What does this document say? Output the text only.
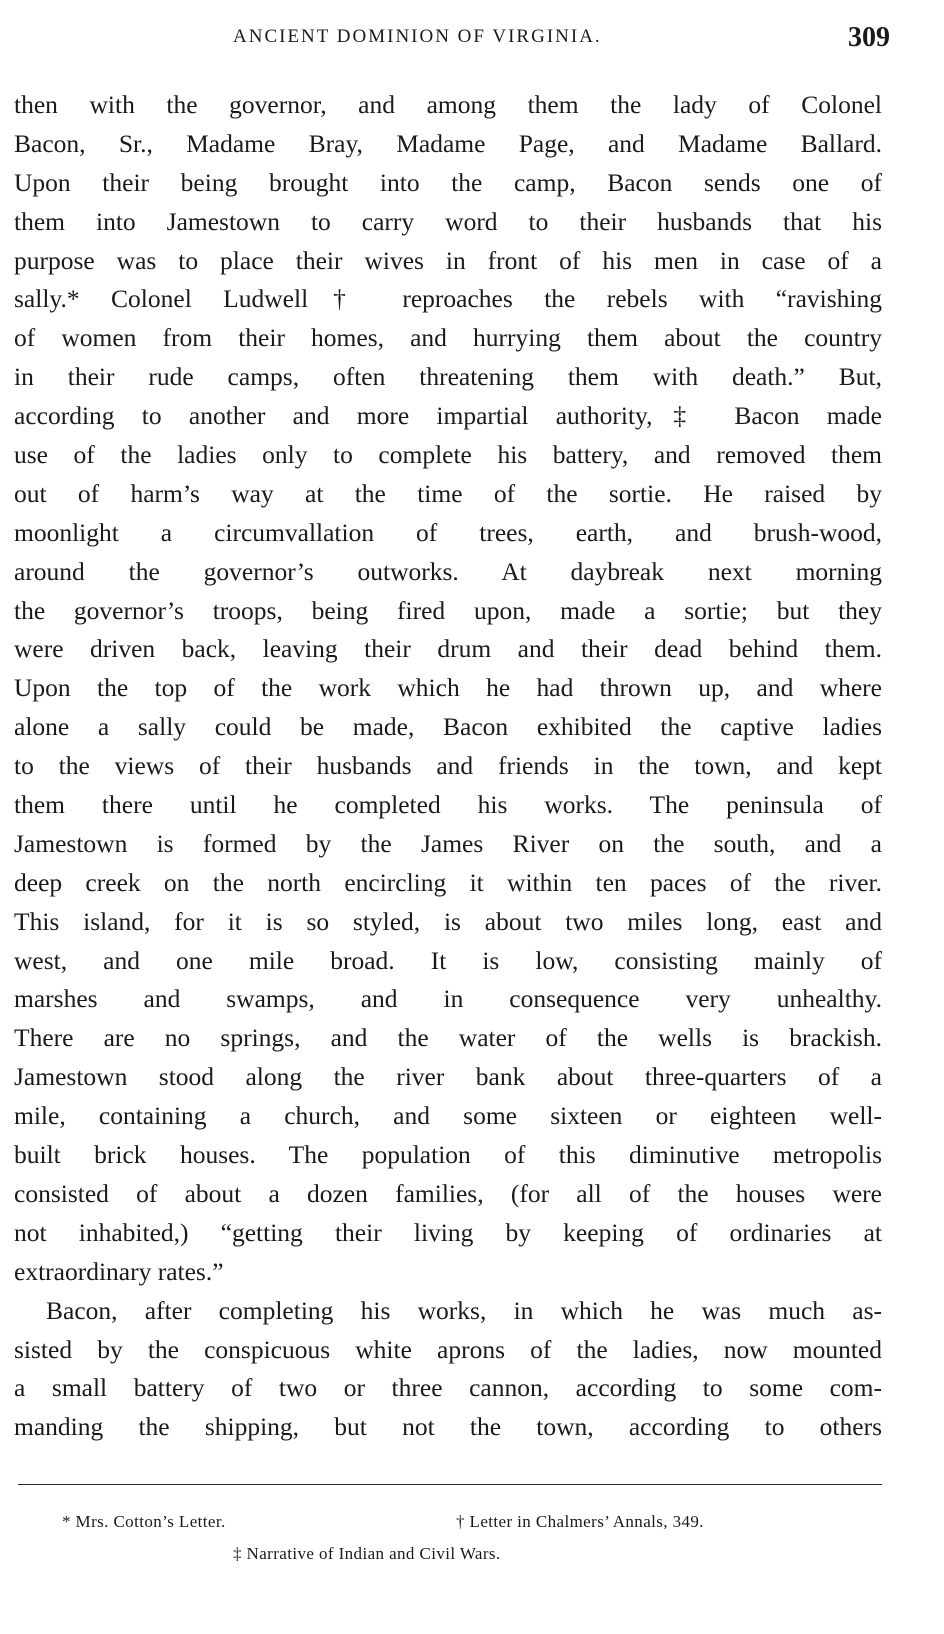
ANCIENT DOMINION OF VIRGINIA.	309
then with the governor, and among them the lady of Colonel
Bacon, Sr., Madame Bray, Madame Page, and Madame Ballard.
Upon their being brought into the camp, Bacon sends one of
them into Jamestown to carry word to their husbands that his
purpose was to place their wives in front of his men in case of a
sally.* Colonel Ludwell† reproaches the rebels with “ravishing
of women from their homes, and hurrying them about the country
in their rude camps, often threatening them with death.” But,
according to another and more impartial authority,‡ Bacon made
use of the ladies only to complete his battery, and removed them
out of harm’s way at the time of the sortie. He raised by
moonlight a circumvallation of trees, earth, and brush-wood,
around the governor’s outworks. At daybreak next morning
the governor’s troops, being fired upon, made a sortie; but they
were driven back, leaving their drum and their dead behind them.
Upon the top of the work which he had thrown up, and where
alone a sally could be made, Bacon exhibited the captive ladies
to the views of their husbands and friends in the town, and kept
them there until he completed his works. The peninsula of
Jamestown is formed by the James River on the south, and a
deep creek on the north encircling it within ten paces of the river.
This island, for it is so styled, is about two miles long, east and
west, and one mile broad. It is low, consisting mainly of
marshes and swamps, and in consequence very unhealthy.
There are no springs, and the water of the wells is brackish.
Jamestown stood along the river bank about three-quarters of a
mile, containing a church, and some sixteen or eighteen well-
built brick houses. The population of this diminutive metropolis
consisted of about a dozen families, (for all of the houses were
not inhabited,) “getting their living by keeping of ordinaries at
extraordinary rates.”
Bacon, after completing his works, in which he was much as-
sisted by the conspicuous white aprons of the ladies, now mounted
a small battery of two or three cannon, according to some com-
manding the shipping, but not the town, according to others
* Mrs. Cotton’s Letter.	† Letter in Chalmers’ Annals, 349.
‡ Narrative of Indian and Civil Wars.
